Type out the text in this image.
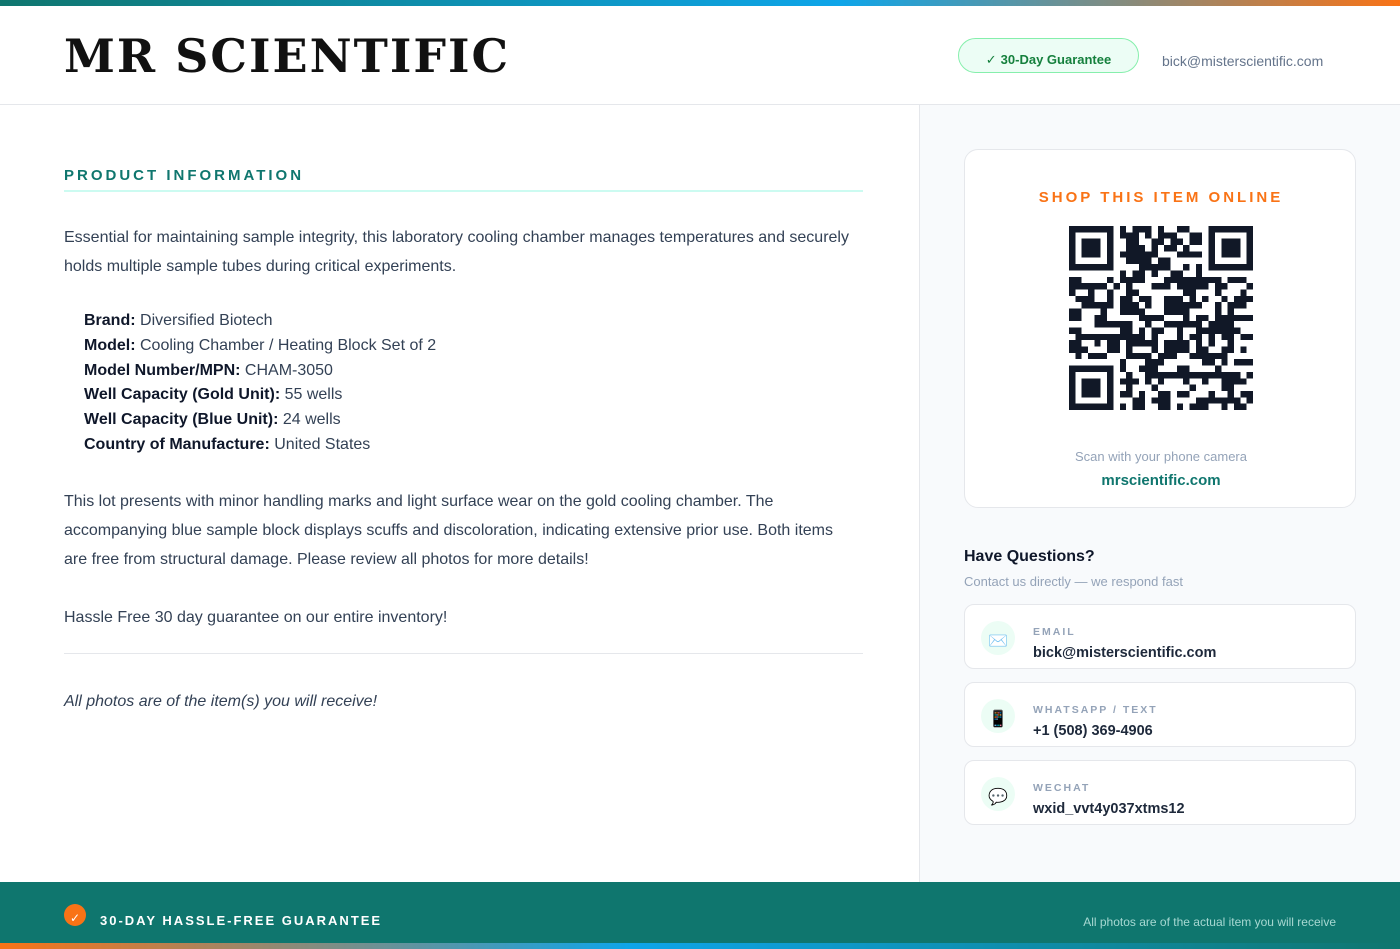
MR SCIENTIFIC	✓ 30-Day Guarantee	bick@misterscientific.com
PRODUCT INFORMATION

Essential for maintaining sample integrity, this laboratory cooling chamber manages temperatures and securely holds multiple sample tubes during critical experiments.

Brand: Diversified Biotech
Model: Cooling Chamber / Heating Block Set of 2
Model Number/MPN: CHAM-3050
Well Capacity (Gold Unit): 55 wells
Well Capacity (Blue Unit): 24 wells
Country of Manufacture: United States

This lot presents with minor handling marks and light surface wear on the gold cooling chamber. The accompanying blue sample block displays scuffs and discoloration, indicating extensive prior use. Both items are free from structural damage. Please review all photos for more details!

Hassle Free 30 day guarantee on our entire inventory!

All photos are of the item(s) you will receive!
SHOP THIS ITEM ONLINE
Scan with your phone camera
mrscientific.com
Have Questions?
Contact us directly — we respond fast
✉️
EMAIL
bick@misterscientific.com
📱
WHATSAPP / TEXT
+1 (508) 369-4906
💬
WECHAT
wxid_vvt4y037xtms12
✓	30-DAY HASSLE-FREE GUARANTEE	All photos are of the actual item you will receive
